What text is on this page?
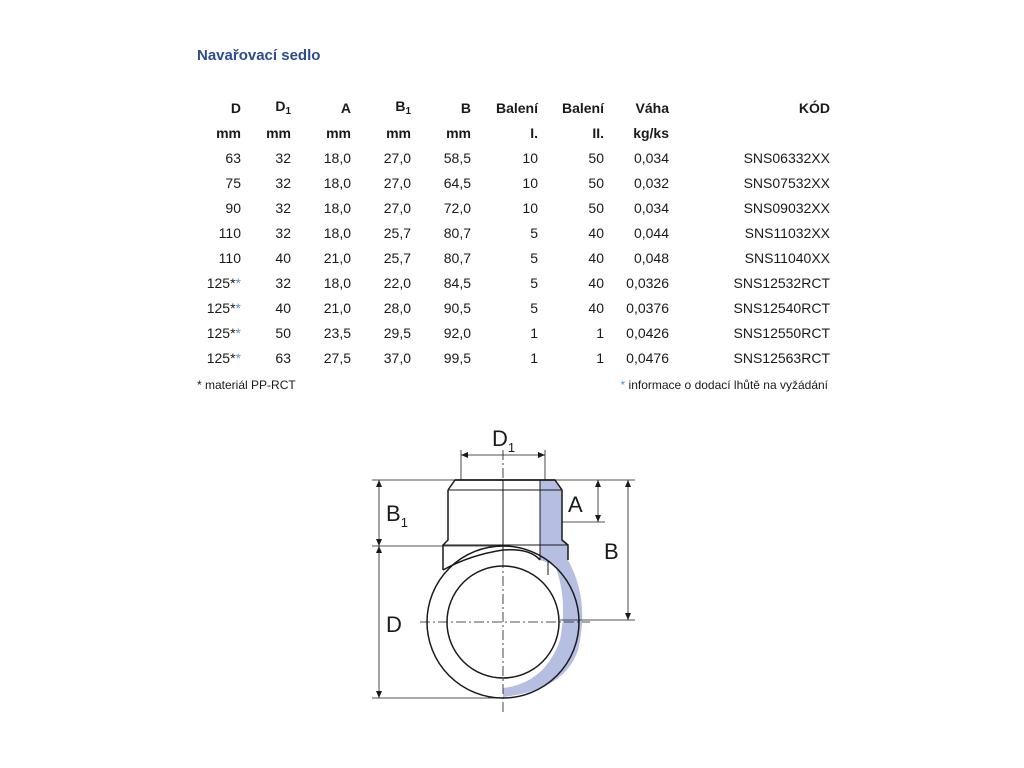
Navařovací sedlo
D	$D_1$	A	$B_1$	B	Balení	Balení	Váha	KÓD
mm	mm	mm	mm	mm	I.	II.	kg/ks	
63	32	18,0	27,0	58,5	10	50	0,034	SNS06332XX
75	32	18,0	27,0	64,5	10	50	0,032	SNS07532XX
90	32	18,0	27,0	72,0	10	50	0,034	SNS09032XX
110	32	18,0	25,7	80,7	5	40	0,044	SNS11032XX
110	40	21,0	25,7	80,7	5	40	0,048	SNS11040XX
125**	32	18,0	22,0	84,5	5	40	0,0326	SNS12532RCT
125**	40	21,0	28,0	90,5	5	40	0,0376	SNS12540RCT
125**	50	23,5	29,5	92,0	1	1	0,0426	SNS12550RCT
125**	63	27,5	37,0	99,5	1	1	0,0476	SNS12563RCT
* materiál PP-RCT	* informace o dodací lhůtě na vyžádání
$D_1$
A
B
$B_1$
D
